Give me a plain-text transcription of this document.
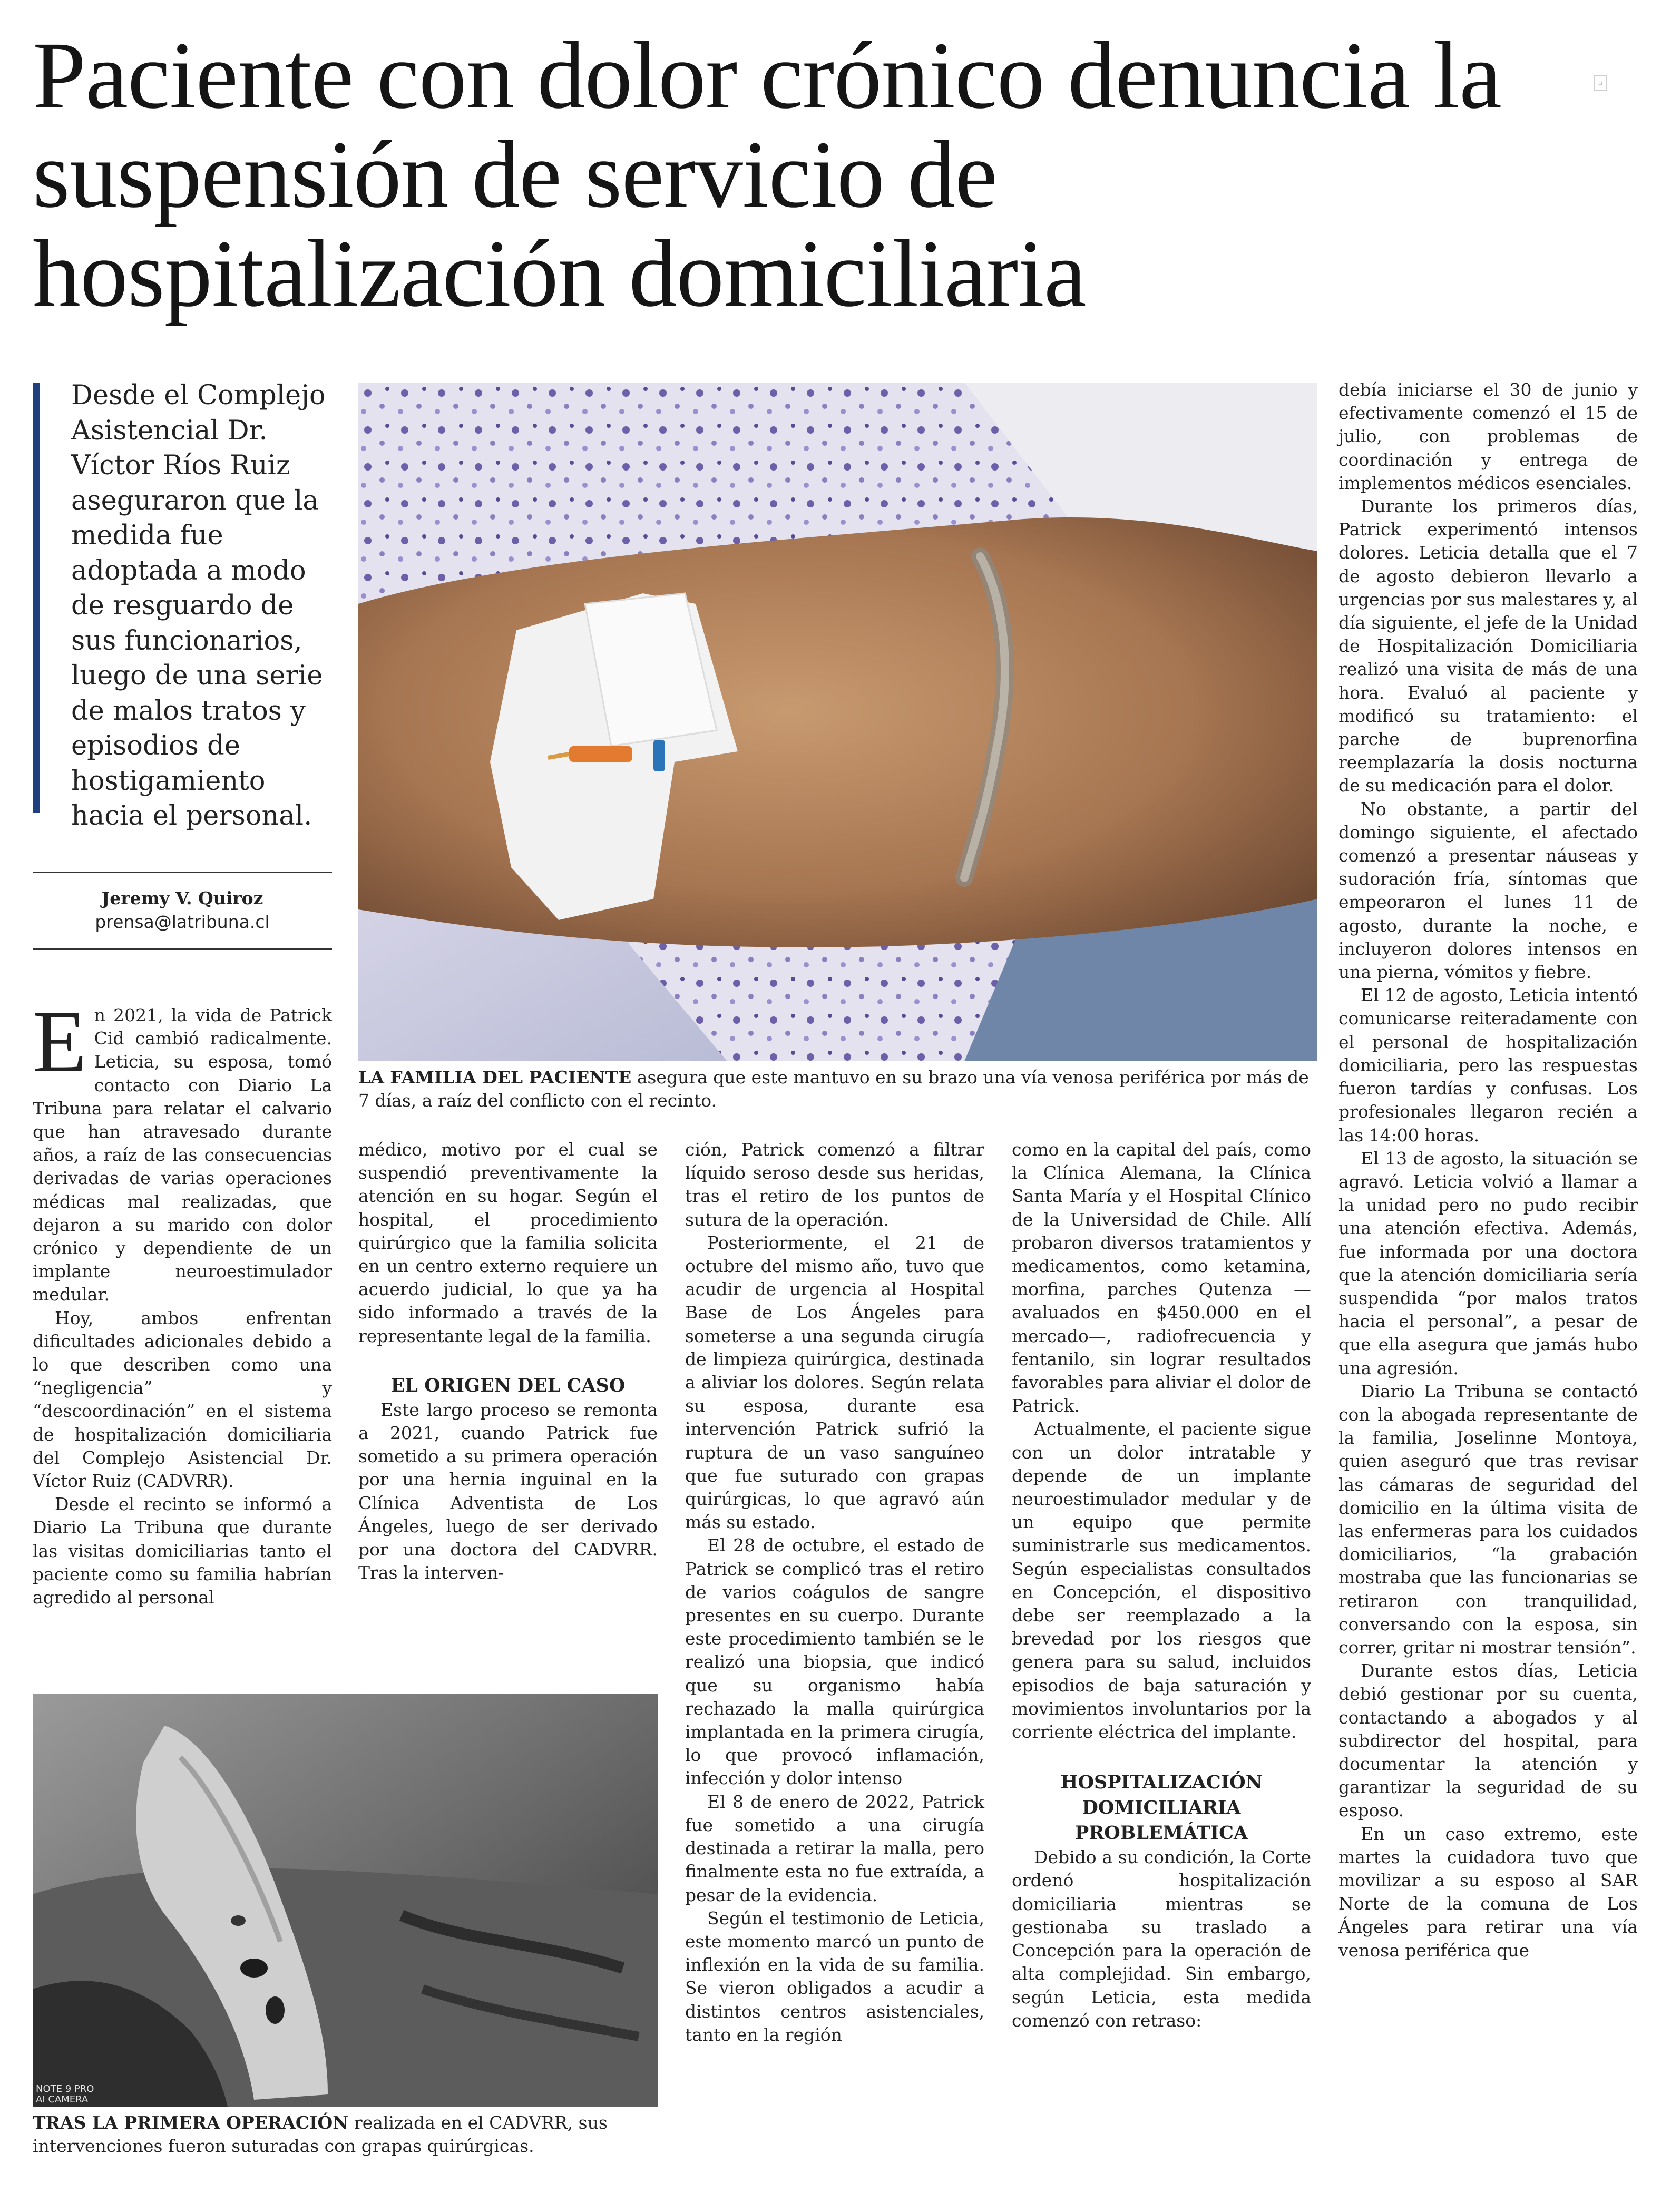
Paciente con dolor crónico denuncia la suspensión de servicio de hospitalización domiciliaria
▫
Desde el Complejo Asistencial Dr. Víctor Ríos Ruiz aseguraron que la medida fue adoptada a modo de resguardo de sus funcionarios, luego de una serie de malos tratos y episodios de hostigamiento hacia el personal.
Jeremy V. Quiroz
prensa@latribuna.cl
LA FAMILIA DEL PACIENTE asegura que este mantuvo en su brazo una vía venosa periférica por más de 7 días, a raíz del conflicto con el recinto.
NOTE 9 PRO
AI CAMERA
TRAS LA PRIMERA OPERACIÓN realizada en el CADVRR, sus intervenciones fueron suturadas con grapas quirúrgicas.

En 2021, la vida de Patrick Cid cambió radicalmente. Leticia, su esposa, tomó contacto con Diario La Tribuna para relatar el calvario que han atravesado durante años, a raíz de las consecuencias derivadas de varias operaciones médicas mal realizadas, que dejaron a su marido con dolor crónico y dependiente de un implante neuroestimulador medular.

Hoy, ambos enfrentan dificultades adicionales debido a lo que describen como una “negligencia” y “descoordinación” en el sistema de hospitalización domiciliaria del Complejo Asistencial Dr. Víctor Ruiz (CADVRR).

Desde el recinto se informó a Diario La Tribuna que durante las visitas domiciliarias tanto el paciente como su familia habrían agredido al personal

médico, motivo por el cual se suspendió preventivamente la atención en su hogar. Según el hospital, el procedimiento quirúrgico que la familia solicita en un centro externo requiere un acuerdo judicial, lo que ya ha sido informado a través de la representante legal de la familia.

EL ORIGEN DEL CASO

Este largo proceso se remonta a 2021, cuando Patrick fue sometido a su primera operación por una hernia inguinal en la Clínica Adventista de Los Ángeles, luego de ser derivado por una doctora del CADVRR. Tras la interven-

ción, Patrick comenzó a filtrar líquido seroso desde sus heridas, tras el retiro de los puntos de sutura de la operación.

Posteriormente, el 21 de octubre del mismo año, tuvo que acudir de urgencia al Hospital Base de Los Ángeles para someterse a una segunda cirugía de limpieza quirúrgica, destinada a aliviar los dolores. Según relata su esposa, durante esa intervención Patrick sufrió la ruptura de un vaso sanguíneo que fue suturado con grapas quirúrgicas, lo que agravó aún más su estado.

El 28 de octubre, el estado de Patrick se complicó tras el retiro de varios coágulos de sangre presentes en su cuerpo. Durante este procedimiento también se le realizó una biopsia, que indicó que su organismo había rechazado la malla quirúrgica implantada en la primera cirugía, lo que provocó inflamación, infección y dolor intenso

El 8 de enero de 2022, Patrick fue sometido a una cirugía destinada a retirar la malla, pero finalmente esta no fue extraída, a pesar de la evidencia.

Según el testimonio de Leticia, este momento marcó un punto de inflexión en la vida de su familia. Se vieron obligados a acudir a distintos centros asistenciales, tanto en la región

como en la capital del país, como la Clínica Alemana, la Clínica Santa María y el Hospital Clínico de la Universidad de Chile. Allí probaron diversos tratamientos y medicamentos, como ketamina, morfina, parches Qutenza —avaluados en $450.000 en el mercado—, radiofrecuencia y fentanilo, sin lograr resultados favorables para aliviar el dolor de Patrick.

Actualmente, el paciente sigue con un dolor intratable y depende de un implante neuroestimulador medular y de un equipo que permite suministrarle sus medicamentos. Según especialistas consultados en Concepción, el dispositivo debe ser reemplazado a la brevedad por los riesgos que genera para su salud, incluidos episodios de baja saturación y movimientos involuntarios por la corriente eléctrica del implante.

HOSPITALIZACIÓN DOMICILIARIA PROBLEMÁTICA

Debido a su condición, la Corte ordenó hospitalización domiciliaria mientras se gestionaba su traslado a Concepción para la operación de alta complejidad. Sin embargo, según Leticia, esta medida comenzó con retraso:

debía iniciarse el 30 de junio y efectivamente comenzó el 15 de julio, con problemas de coordinación y entrega de implementos médicos esenciales.

Durante los primeros días, Patrick experimentó intensos dolores. Leticia detalla que el 7 de agosto debieron llevarlo a urgencias por sus malestares y, al día siguiente, el jefe de la Unidad de Hospitalización Domiciliaria realizó una visita de más de una hora. Evaluó al paciente y modificó su tratamiento: el parche de buprenorfina reemplazaría la dosis nocturna de su medicación para el dolor.

No obstante, a partir del domingo siguiente, el afectado comenzó a presentar náuseas y sudoración fría, síntomas que empeoraron el lunes 11 de agosto, durante la noche, e incluyeron dolores intensos en una pierna, vómitos y fiebre.

El 12 de agosto, Leticia intentó comunicarse reiteradamente con el personal de hospitalización domiciliaria, pero las respuestas fueron tardías y confusas. Los profesionales llegaron recién a las 14:00 horas.

El 13 de agosto, la situación se agravó. Leticia volvió a llamar a la unidad pero no pudo recibir una atención efectiva. Además, fue informada por una doctora que la atención domiciliaria sería suspendida “por malos tratos hacia el personal”, a pesar de que ella asegura que jamás hubo una agresión.

Diario La Tribuna se contactó con la abogada representante de la familia, Joselinne Montoya, quien aseguró que tras revisar las cámaras de seguridad del domicilio en la última visita de las enfermeras para los cuidados domiciliarios, “la grabación mostraba que las funcionarias se retiraron con tranquilidad, conversando con la esposa, sin correr, gritar ni mostrar tensión”.

Durante estos días, Leticia debió gestionar por su cuenta, contactando a abogados y al subdirector del hospital, para documentar la atención y garantizar la seguridad de su esposo.

En un caso extremo, este martes la cuidadora tuvo que movilizar a su esposo al SAR Norte de la comuna de Los Ángeles para retirar una vía venosa periférica que
